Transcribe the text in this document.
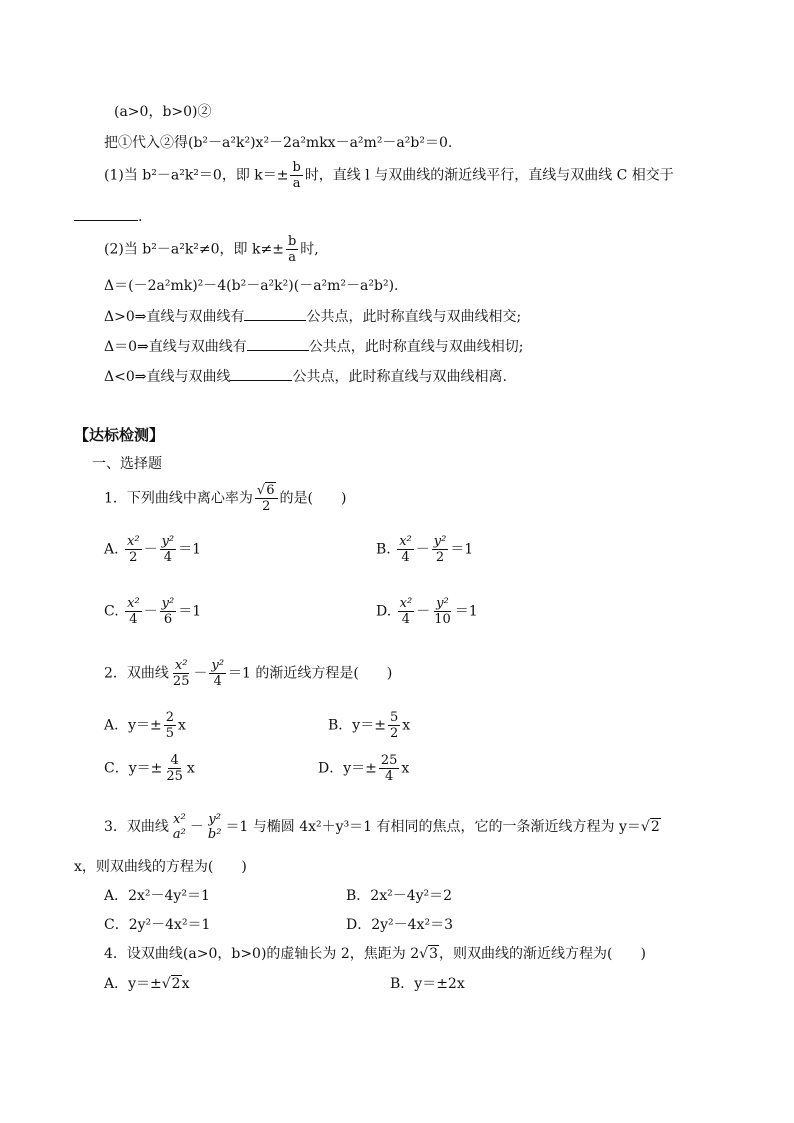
(a>0，b>0)②
把①代入②得(b²－a²k²)x²－2a²mkx－a²m²－a²b²＝0.
(1)当 b²－a²k²＝0，即 $k=\pm \frac{b}{a}$ 时，直线 l 与双曲线的渐近线平行，直线与双曲线 C 相交于
.
(2)当 b²－a²k²≠0，即 $k\ne\pm \frac{b}{a}$ 时,
Δ＝(－2a²mk)²－4(b²－a²k²)(－a²m²－a²b²).
Δ>0⇒直线与双曲线有	公共点，此时称直线与双曲线相交;
Δ＝0⇒直线与双曲线有	公共点，此时称直线与双曲线相切;
Δ<0⇒直线与双曲线	公共点，此时称直线与双曲线相离.
【达标检测】
一、选择题
1．下列曲线中离心率为 $\frac{√6}{2}$ 的是(　　)
A. $\frac{\text{x²}}{2} - \frac{\text{y²}}{4} =1$	B. $\frac{\text{x²}}{4} - \frac{\text{y²}}{2} =1$
C. $\frac{\text{x²}}{4} - \frac{\text{y²}}{6} =1$	D. $\frac{\text{x²}}{4} - \frac{\text{y²}}{10} =1$
2．双曲线 $\frac{\text{x²}}{25} - \frac{\text{y²}}{4} =1$ 的渐近线方程是(　　)
A．$y=\pm \frac{2}{5}$ x	B．$y=\pm \frac{5}{2}$ x
C．$y=\pm \frac{4}{25}$ x	D．$y=\pm \frac{25}{4}$ x
3．双曲线 x²
a² － y²
b² ＝1 与椭圆 4x²＋y³＝1 有相同的焦点，它的一条渐近线方程为 y＝√2
x，则双曲线的方程为(　　)
A．2x²－4y²＝1	B．2x²－4y²＝2
C．2y²－4x²＝1	D．2y²－4x²＝3
4．设双曲线(a>0，b>0)的虚轴长为 2，焦距为 2√3，则双曲线的渐近线方程为(　　)
A．y＝±√2x	B．y＝±2x
